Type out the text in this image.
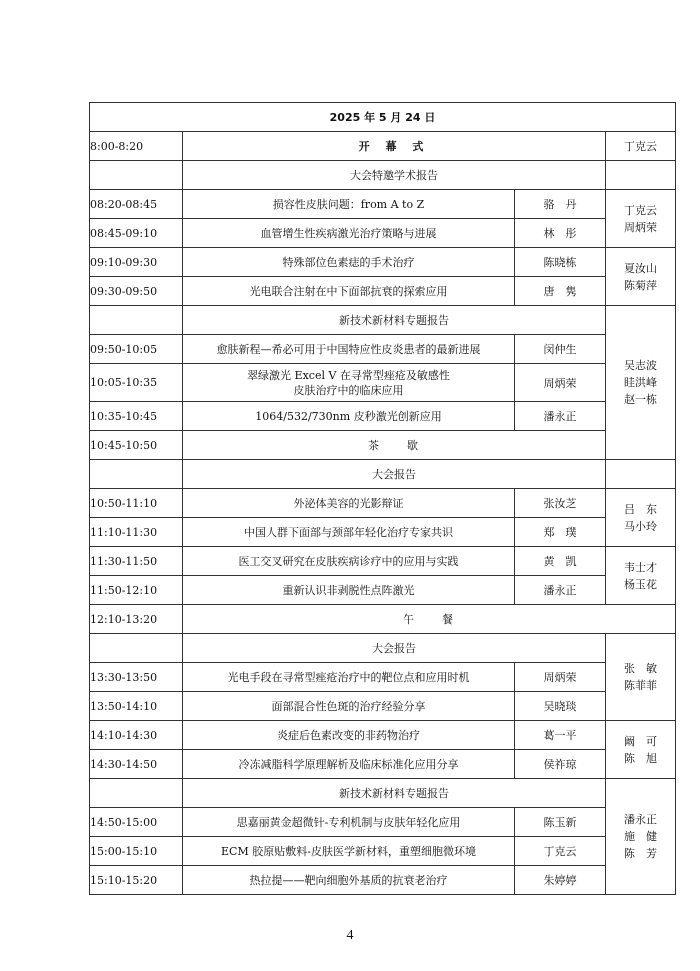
2025 年 5 月 24 日			
8:00-8:20	开 幕 式		丁克云
	大会特邀学术报告		
08:20-08:45	损容性皮肤问题：from A to Z	骆　丹	丁克云
周炳荣
08:45-09:10	血管增生性疾病激光治疗策略与进展	林　彤	
09:10-09:30	特殊部位色素痣的手术治疗	陈晓栋	夏汝山
陈菊萍
09:30-09:50	光电联合注射在中下面部抗衰的探索应用	唐　隽	
	新技术新材料专题报告		吴志波
眭洪峰
赵一栋
09:50-10:05	愈肤新程—希必可用于中国特应性皮炎患者的最新进展	闵仲生	
10:05-10:35	翠绿激光 Excel V 在寻常型痤疮及敏感性
皮肤治疗中的临床应用	周炳荣	
10:35-10:45	1064/532/730nm 皮秒激光创新应用	潘永正	
10:45-10:50	茶　　歇		
	大会报告		
10:50-11:10	外泌体美容的光影辩证	张汝芝	吕　东
马小玲
11:10-11:30	中国人群下面部与颈部年轻化治疗专家共识	郑　璞	
11:30-11:50	医工交叉研究在皮肤疾病诊疗中的应用与实践	黄　凯	韦士才
杨玉花
11:50-12:10	重新认识非剥脱性点阵激光	潘永正	
12:10-13:20	午　　餐		
	大会报告		张　敏
陈菲菲
13:30-13:50	光电手段在寻常型痤疮治疗中的靶位点和应用时机	周炳荣	
13:50-14:10	面部混合性色斑的治疗经验分享	吴晓琰	
14:10-14:30	炎症后色素改变的非药物治疗	葛一平	阚　可
陈　旭
14:30-14:50	冷冻减脂科学原理解析及临床标准化应用分享	侯祚琼	
	新技术新材料专题报告		潘永正
施　健
陈　芳
14:50-15:00	思嘉丽黄金超微针-专利机制与皮肤年轻化应用	陈玉新	
15:00-15:10	ECM 胶原贴敷料-皮肤医学新材料，重塑细胞微环境	丁克云	
15:10-15:20	热拉提——靶向细胞外基质的抗衰老治疗	朱婷婷	
4
